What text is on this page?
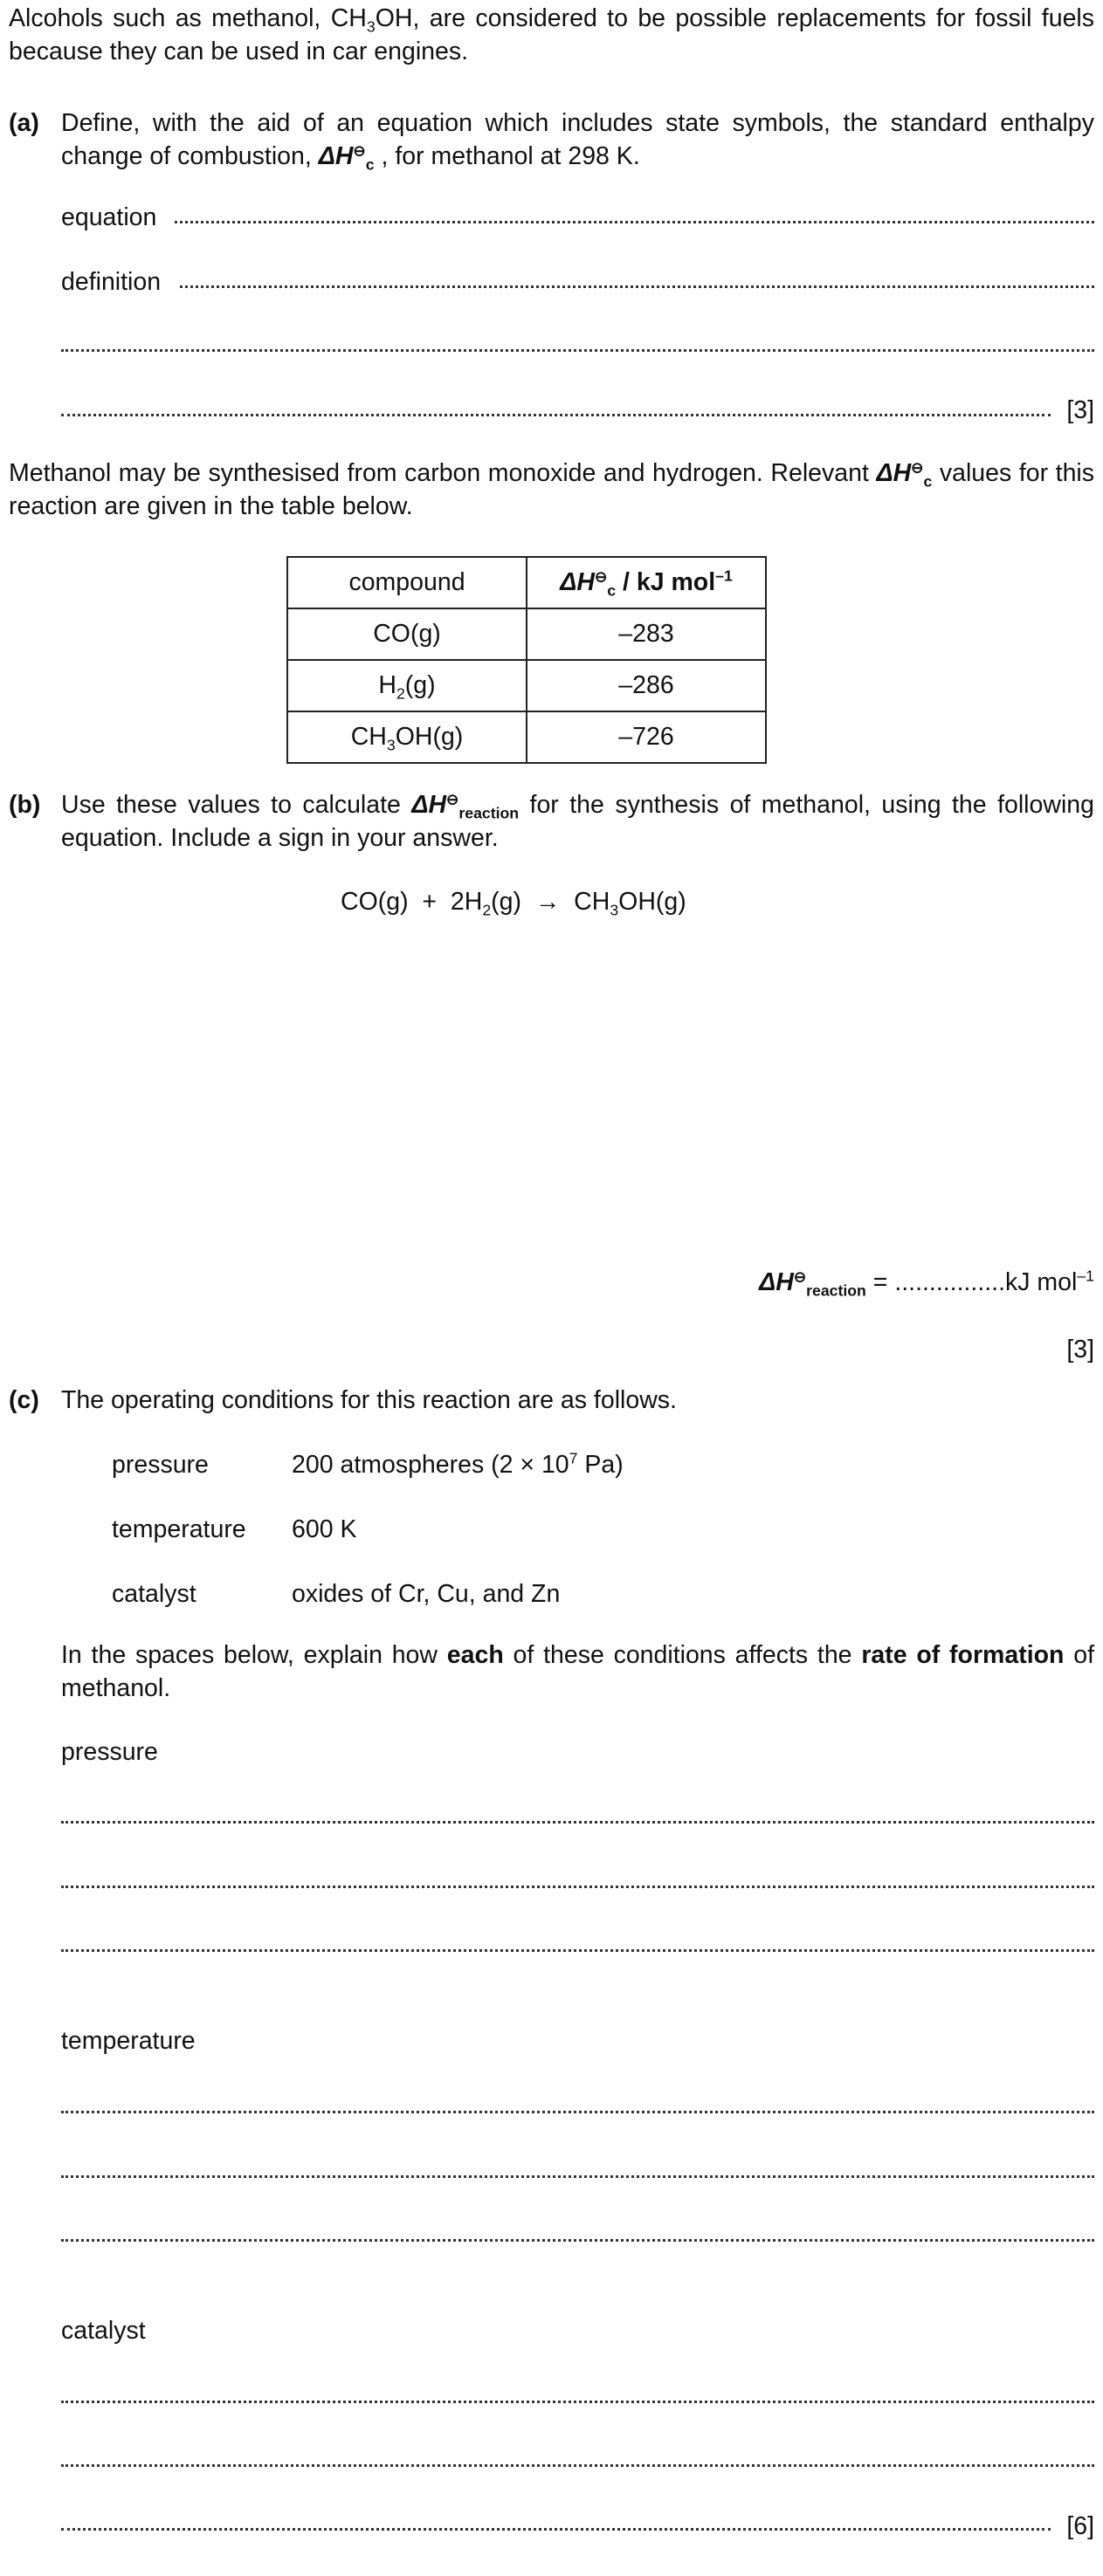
Alcohols such as methanol, $CH_3OH$, are considered to be possible replacements for fossil fuels because they can be used in car engines.
(a) Define, with the aid of an equation which includes state symbols, the standard enthalpy change of combustion, $\Delta H^⊖_c$ , for methanol at 298 K.
equation
definition
[3]
Methanol may be synthesised from carbon monoxide and hydrogen. Relevant $\Delta H^⊖_c$ values for this reaction are given in the table below.
compound	$\Delta H^⊖_c$ / kJ mol$^{-1}$
CO(g)	–283
$H_2(g)$	–286
$CH_3OH(g)$	–726
(b) Use these values to calculate $\Delta H^⊖_{reaction}$ for the synthesis of methanol, using the following equation. Include a sign in your answer.
$CO(g) + 2H_2(g) \to CH_3OH(g)$
$\Delta H^⊖_{reaction} = ................kJ$ mol$^{-1}$
[3]
(c) The operating conditions for this reaction are as follows.
pressure	200 atmospheres ($2 \times 10^7$ Pa)
temperature 600 K
catalyst	oxides of Cr, Cu, and Zn
In the spaces below, explain how each of these conditions affects the rate of formation of methanol.
pressure
temperature
catalyst
[6]
